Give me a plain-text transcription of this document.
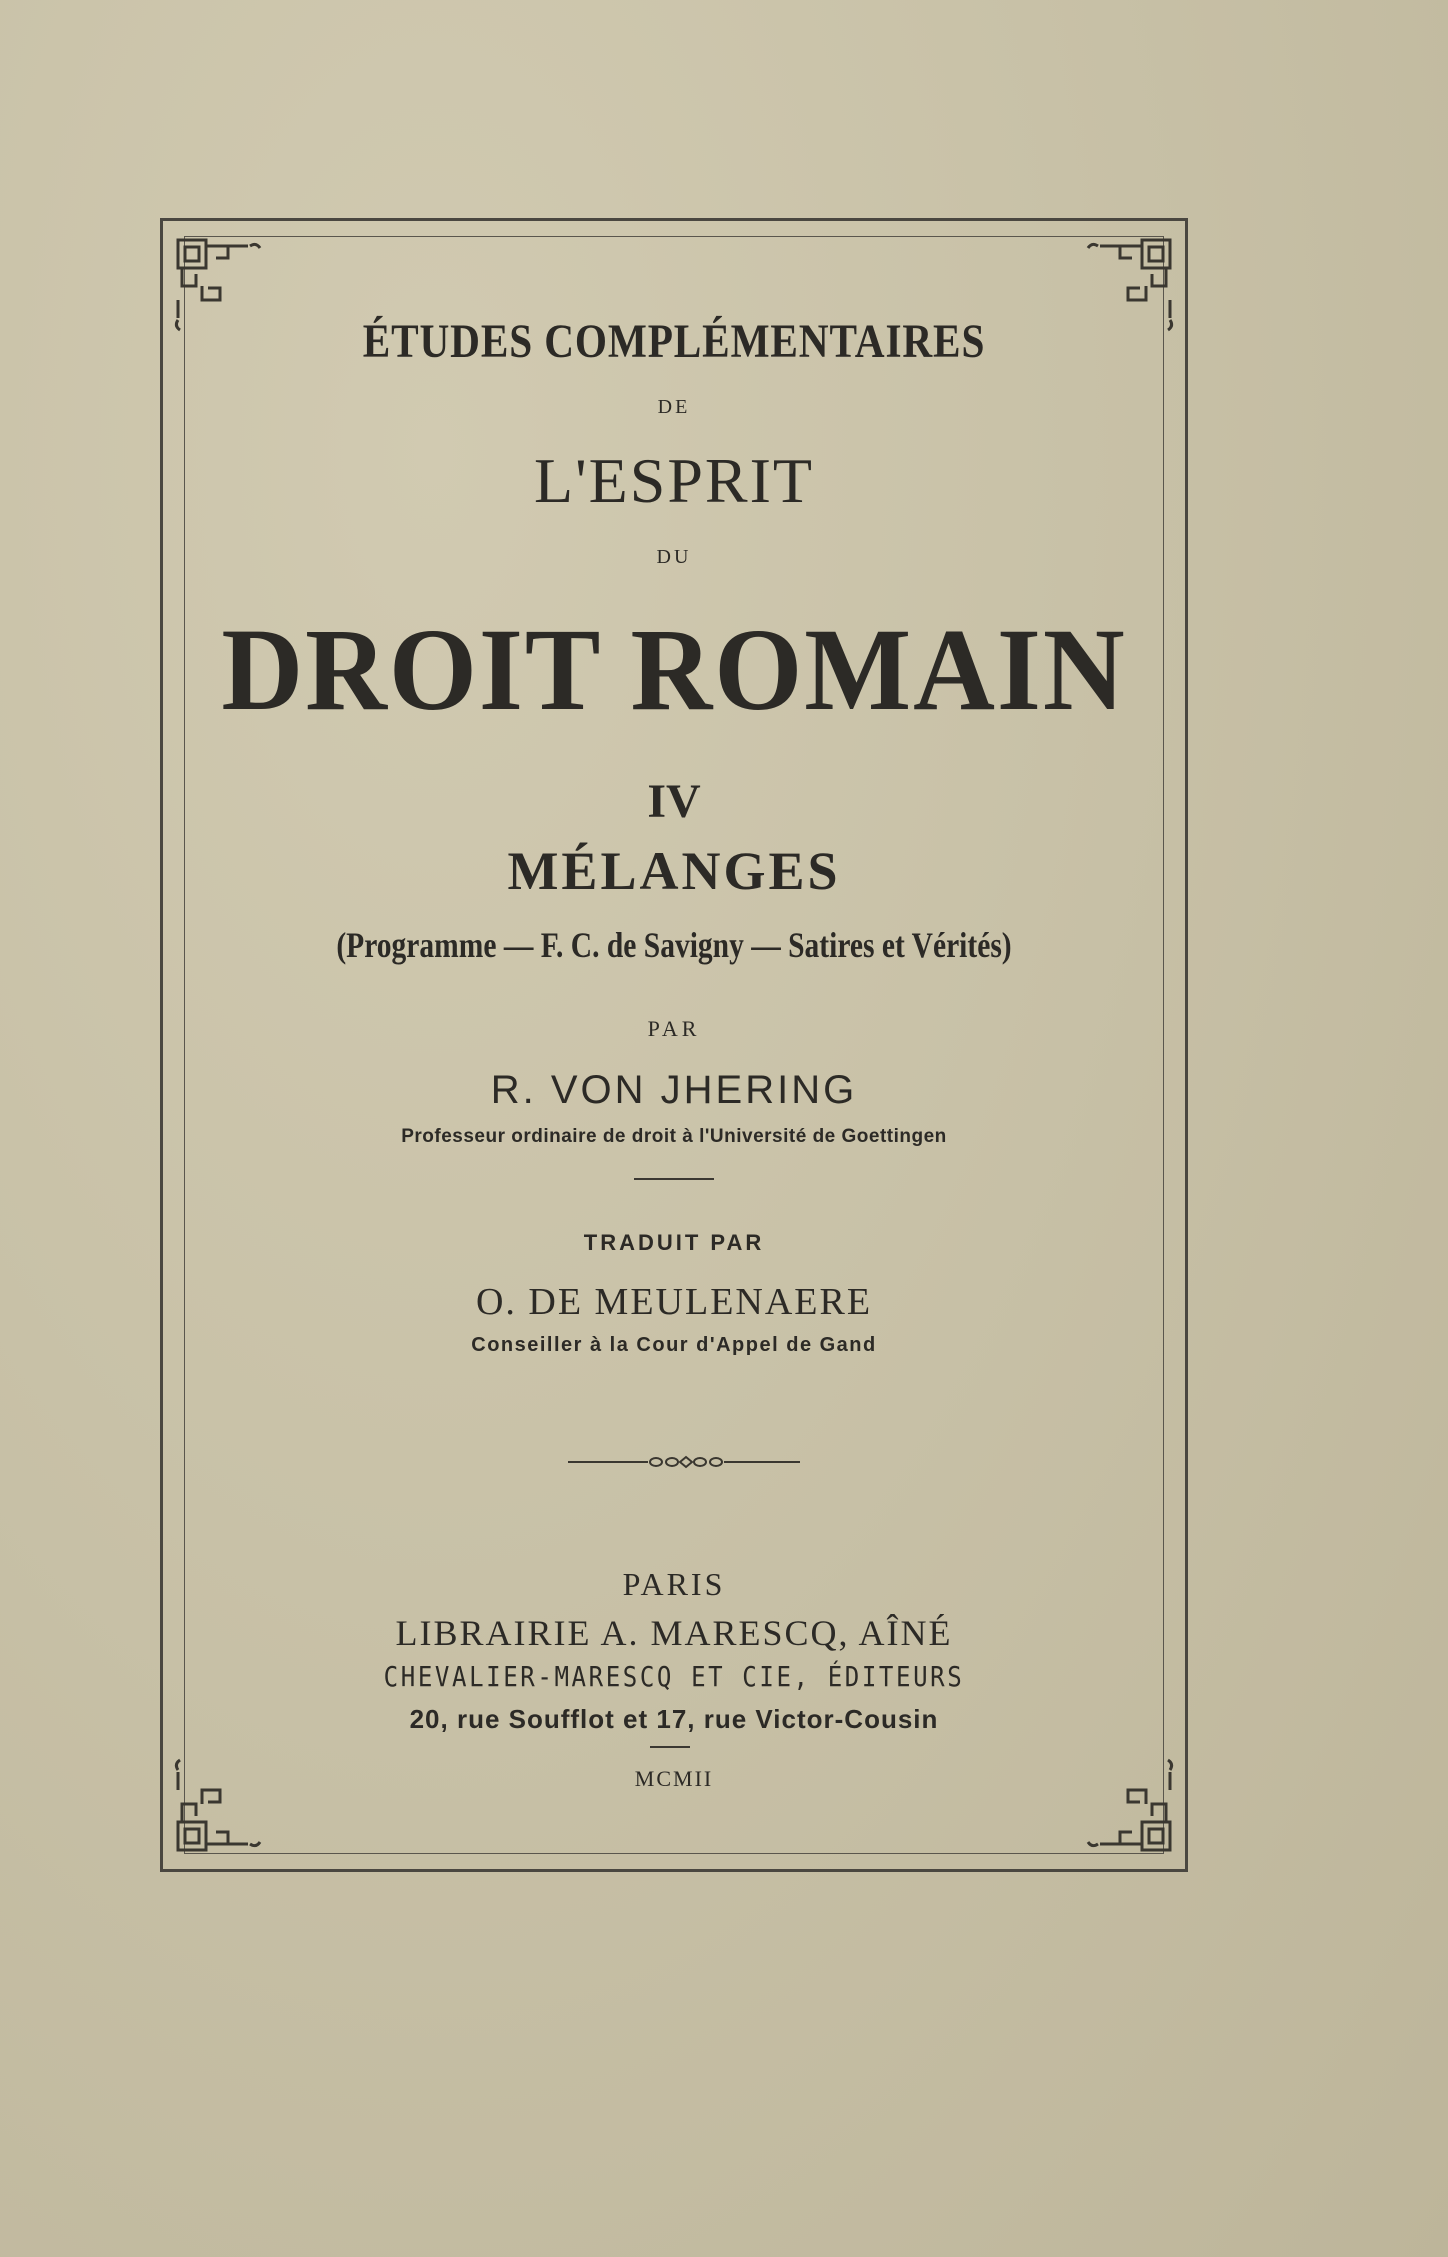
ÉTUDES COMPLÉMENTAIRES
DE
L'ESPRIT
DU
DROIT ROMAIN
IV
MÉLANGES
(Programme — F. C. de Savigny — Satires et Vérités)
PAR
R. VON JHERING
Professeur ordinaire de droit à l'Université de Goettingen
TRADUIT PAR
O. DE MEULENAERE
Conseiller à la Cour d'Appel de Gand
PARIS
LIBRAIRIE A. MARESCQ, AÎNÉ
CHEVALIER-MARESCQ ET CIE, ÉDITEURS
20, rue Soufflot et 17, rue Victor-Cousin
MCMII
